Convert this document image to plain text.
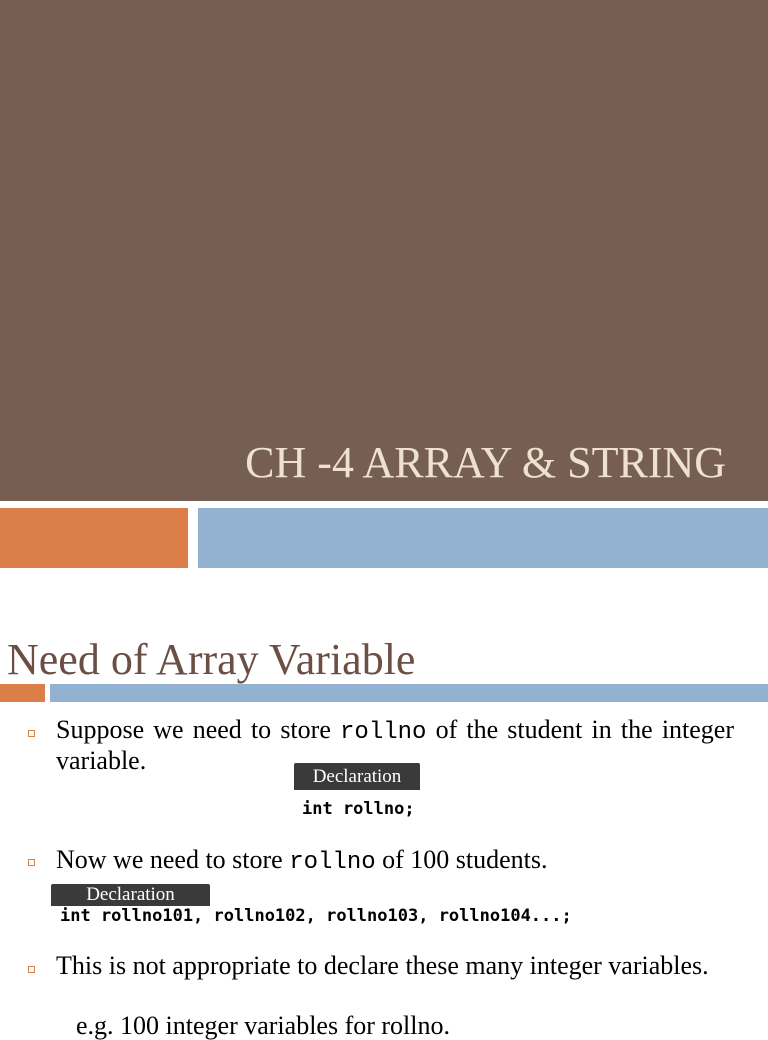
CH -4 ARRAY & STRING
Need of Array Variable

Suppose we need to store rollno of the student in the integer variable.

Declaration

int rollno;

Now we need to store rollno of 100 students.

Declaration

int rollno101, rollno102, rollno103, rollno104...;

This is not appropriate to declare these many integer variables.

e.g. 100 integer variables for rollno.
